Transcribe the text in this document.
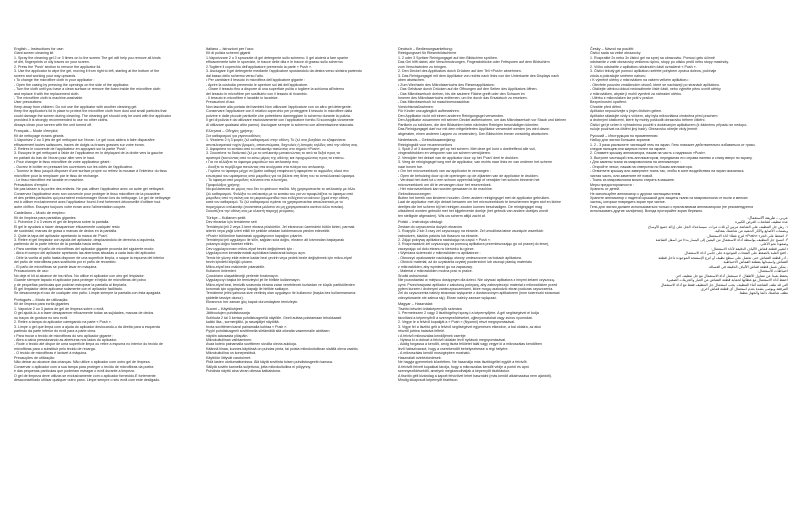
English – Instructions for use:
Giant screen cleaning kit
1. Spray the cleaning gel 2 or 3 times on to the screen.The gel will help you remove all kinds
of dirt, fingerprints or oily traces on your screen.
2. Press the 'Push' section to remove the applicator lid.
3. Use the applicator to wipe the gel, moving it from right to left, starting at the bottom of the
screen and working your way upwards.
• To change the microfibre cloth in your applicator :
- Open the casing by pressing the openings on the side of the applicator.
- Turn the cloth until you have a clean surface or remove the foam inside the microfibre cloth
and replace it with the replacement cloth.
- The microfibre cloth is machine-washable.
User precautions:
Keep away from children. Do not use the applicator with another cleaning gel.
Keep the applicator's lid in place to protect the microfibre cloth from dust and small particles that
could damage the screen during cleaning. The cleaning gel should only be used with the applicator
provided.It is strongly recommended to use no other cloths.
Always clean your screen with the unit turned off.
Français – Mode d'emploi:
Kit de nettoyage écrans géants
1.Vaporisez 2 ou 3 jets de gel nettoyant sur l'écran. Le gel vous aidera à faire disparaître
efficacement toutes salissures, traces de doigts ou traces grasses sur votre écran.
2. Retirez le couvercle de l'applicateur en appuyant sur la partie 'Push'.
3. Essuyez le gel nettoyant à l'aide de l'applicateur en le déplaçant de la droite vers la gauche
en partant du bas de l'écran pour aller vers le haut.
• Pour changer le tissu microfibre de votre applicateur géant :
- Ouvrez le boîtier en pressant les ouvertures sur les côtés de l'applicateur.
- Tournez le tissu jusqu'à disposer d'une surface propre ou retirez la mousse à l'intérieur du tissu
microfibre pour la remplacer par le tissu de rechange.
- Le tissu microfibre est lavable en machine.
Précautions d'emploi :
Ne pas laisser à la portée des enfants. Ne pas utiliser l'applicateur avec un autre gel nettoyant.
Conservez l'applicateur avec son couvercle pour protéger le tissu microfibre de la poussière
et des petites particules qui pourraient endommager l'écran lors du nettoyage. Le gel de nettoyage
est à utiliser exclusivement avec l'applicateur fourni.Il est fortement déconseillé d'utiliser tout
autre chiffon. Essuyez toujours votre écran avec l'alimentation coupée.
Castellano – Modo de empleo:
Kit de limpieza para pantallas gigantes
1. Pulverice 2 ó 3 veces el gel de limpieza sobre la pantalla.
El gel le ayudará a hacer desaparecer eficazmente cualquier resto
de suciedad, marcas de grasa o marcas de dedos en la pantalla.
2. Quite la tapa del aplicador apretando la marca de 'Push'.
3. Retire el gel limpiador con ayuda del aplicador, desplazándolo de derecha a izquierda,
partiendo de la parte inferior de la pantalla hacia arriba.
• Para cambiar el paño de microfibras del aplicador gigante proceda del siguiente modo:
- Abra el cuerpo del aplicador apretando las aberturas situadas a cada lado del aplicador.
- Déle la vuelta al paño hasta disponer de una superficie limpia, o saque la espuma del interior
del paño de microfibras para sustituirla por el paño de recambio.
- El paño de microfibras se puede lavar en máquina.
Precauciones de uso:
No deje el kit al alcance de los niños. No utilice el aplicador con otro gel limpiador.
Guarde siempre tapado el aplicador para proteger el tejido de microfibras del polvo
y de pequeñas partículas que podrían estropear la pantalla al limpiarla.
El gel limpiador debe aplicarse solamente con el aplicador facilitado.
Se desaconseja el uso de cualquier otro paño. Limpie siempre la pantalla con ésta apagada.
Português – Modo de utilização:
Kit de limpeza para ecrãs gigantes
1. Vaporize 2 ou 3 jactos de gel de limpeza sobre o ecrã.
O gel ajudá-lo-á a fazer desaparecer eficazmente todas as sujidades, marcas de dedos
ou traços de gordura no seu ecrã.
2. Retire a tampa do aplicador carregando na parte « Push ».
3. Limpe o gel que limpa com a ajuda do aplicador deslocando-o da direita para a esquerda
partindo da parte inferior do ecrã para a parte cima.
• Para trocar o tecido de microfibras do seu aplicador gigante :
- Abra a caixa pressionando as aberturas nos lados do aplicador.
- Rode o tecido até dispor de uma superfície limpa ou retire a espuma no interior do tecido de
microfibras para o substituir pelo tecido de recarga.
- O tecido de microfibras é lavável à máquina.
Precauções de utilização:
Não deixar ao alcance das crianças. Não utilize o aplicador com outro gel de limpeza.
Conservar o aplicador com a sua tampa para proteger o tecido de microfibras da poeira
e das pequenas partículas que poderiam estragar o ecrã durante a limpeza.
O gel de limpeza deve utilizar-se exclusivamente com o aplicador fornecido.É fortemente
desaconselhado utilizar qualquer outro pano. Limpe sempre o seu ecrã com este desligado.
Italiano – Istruzioni per l'uso:
Kit di pulizia schermi giganti
1.Vaporizzare 2 o 3 spruzzate di gel detergente sullo schermo. Il gel aiuterà a fare sparire
efficacemente tutte le sporcizie, le tracce delle dita e le tracce di grasso sullo schermo.
2.Togliere il coperchio dell'applicatore premendo la parte « Push ».
3. Asciugare il gel detergente mediante l'applicatore spostandolo da destra verso sinistra partendo
dal basso dello schermo verso l'alto.
• Per cambiare il tessuto in microfibra dell'applicatore gigante :
- Aprire la custodia premendo le aperture sui lati dell'applicatore.
- Girare il tessuto fino a disporre di una superficie pulita o togliere la schiuma all'interno
del tessuto in microfibre per sostituirlo con il tessuto di ricambio.
- Il tessuto in microfibre è lavabile in lavatrice.
Precauzioni d'uso:
Non lasciare alla portata dei bambini.Non utilizzare l'applicatore con un altro gel detergente.
Conservare l'applicatore con il relativo coperchio per proteggere il tessuto in microfibre dalla
polvere e dalle piccole particelle che potrebbero danneggiare lo schermo durante la pulizia.
Il gel di pulizia è da utilizzare esclusivamente con l'applicatore fornito.Si sconsiglia vivamente
di utilizzare qualsiasi altro panno). Asciugare sempre lo schermo con alimentazione staccata.
Ελληνικά – Οδηγίες χρήσης:
Σετ καθαρισμού για γιγαντοοθόνες
1. Ψεκάστε 2 ή 3 φορές ζελ καθαρισμού στην οθόνη. Το ζελ σας βοηθάει να εξαφανίσετε
αποτελεσματικά τυχόν βρομιές, αποτυπώματα, δαχτυλιές ή λιπαρές κηλίδες από την οθόνη σας.
2. Αφαιρέστε το καπάκι από το απλικατέρ πατώντας στο σημείο «Push».
3. Σκουπίστε το διαλυτικό ζελ με το απλικατέρ μετακινώντας το από τα δεξιά προς τα
αριστερά ξεκινώντας από το κάτω μέρος της οθόνης και προχωρώντας προς τα επάνω.
• Για να αλλάξετε το ύφασμα μικροϊνών του απλικατέρ σας:
- Ανοίξτε το περίβλημα πατώντας στα ανοίγματα στα πλάγια του απλικατέρ.
- Γυρίστε το ύφασμα μέχρι να βρείτε καθαρή επιφάνεια ή αφαιρέστε το αφρώδες υλικό στο
εσωτερικό του υφάσματος από μικροΐνες για να βάλετε στη θέση του το ανταλλακτικό ύφασμα.
- Το ύφασμα από μικροΐνες πλένεται στο πλυντήριο.
Προφυλάξεις χρήσης:
Να φυλάσσεται σε μέρος που δεν το φτάνουν παιδιά. Μη χρησιμοποιείτε το απλικατέρ με άλλο
ζελ καθαρισμού. Φυλάξτε το απλικατέρ με το καπάκι του για να προφυλάξετε το ύφασμα από
μικροΐνες από τη σκόνη και τα μικροσωματίδια που ενδέχεται να κάνουν ζημιά στην οθόνη
κατά τον καθαρισμό. Το ζελ καθαρισμού πρέπει να χρησιμοποιείται αποκλειστικά με το
παρεχόμενο απλικατέρ (συνιστάται μάλιστα να μη χρησιμοποιείτε κανένα άλλο πανάκι).
Σκουπίζετε την οθόνη σας με κλειστή παροχή ρεύματος.
Türkçe – Kullanım şekli:
Dev ekranlar için temizleme seti
Temizleyici jeli 2 veya 3 kere ekrana püskürtün. Jel ekranınızı üzerindeki bütün kirleri, parmak
izlerini veya yağlı izleri etkili bir şekilde ortadan kaldırmanıza yardım edecektir.
«Push» bölümüne bastırarak uygulayıcının kapağını çıkartın.
Temizleyici jeli uygulayıcı ile silin, sağdan sola doğru, ekranın alt kısmından başlayarak
yukarıya doğru hareket ettirin.
Dev uygulayıcınızın mikro-elyaf bezini değiştirmek için :
Uygulayıcının kenarlarındaki açıklıklara bastırarak kutuyu açın.
Temiz bir yüzey elde edene kadar bezi çevirin veya yedek bezle değiştirmek için mikro-elyaf
bezin içindeki köpüğü çıkarın.
Mikro-elyaf bez makinede yıkanabilir.
Kullanım önlemleri:
Çocukların ulaşabileceği yerlerde bırakmayın.
Uygulayıcıyı başka bir temizleyici jel ile birlikte kullanmayın.
Mikro-elyaf bezi, temizlik sırasında ekrana zarar verebilecek tozlardan ve küçük partiküllerden
korumak için uygulayıcıyı kapağı ile birlikte saklayın.
Temizleme jelini yalnızca size verilmiş olan uygulayıcı ile kullanınız (başka bez kullanmamanız
şiddetle tavsiye olunur).
Ekranınızı her zaman güç kapalı durumdayken temizleyin.
Suomi – Käyttöohjeet:
Jättiruutujen puhdistussarja
Suihkuta 2 tai 3 kertaa puhdistusgeeliä näytölle. Geeli auttaa poistamaan tehokkaasti
kaikki lika-, sormenjälki- ja rasvajäljet näytöltä.
Irrota sovittimen kansi painamalla kohtaa « Push ».
Pyyhi puhdistusgeeli sovittimella siirtämällä sitä oikealta vasemmalle aloittaen
näytön alaosasta ylöspäin.
Mikrokuituliinan vaihtaminen:
Avaa kotelo painamalla sovittimen sivuilla olevia aukkoja.
Käännä liinaa, kunnes käytössä on puhdas pinta, tai poista mikrokuituliinan sisällä oleva vaahto.
Mikrokuituliina on konepestävä.
Käyttöön liittyvät varotoimet:
Pidä lasten ulottumattomissa. Älä käytä sovitinta toisen puhdistusgeelin kanssa.
Säilytä sovitin kannella suljettuna, jotta mikrokuituliina ei pölyynny.
Puhdista näyttö aina virran ollessa katkaistuna.
Deutsch – Bedienungsanleitung:
Reinigungsset für Riesenbildschirme
1. 2 oder 3 Spritzer Reinigungsgel auf den Bildschirm sprühen.
Das Gel hilft dabei, alle Verschmutzungen, Fingerabdrücke oder Fettspuren auf dem Bildschirm
zum Verschwinden zu bringen.
2. Den Deckel des Applikators durch Drücken auf den Teil «Push» abnehmen.
3. Das Reinigungsgel mit dem Applikator von rechts nach links von der Unterkante des Displays nach
oben abwischen.
• Zum Wechseln des Mikrofasertuchs des Riesenapplikators:
- Das Gehäuse durch Drücken auf die Öffnungen auf den Seiten des Applikators öffnen.
- Das Mikrofasertuch drehen, bis die saubere Fläche greift oder den Schaum im
Inneren des Mikrofasertuchs entfernen, um ihn durch das Ersatztuch zu ersetzen.
- Das Mikrofasertuch ist maschinenwaschbar.
Vorsichtsmaßnahmen:
Für Kinder unzugänglich aufbewahren.
Den Applikator nicht mit einem anderen Reinigungsgel verwenden.
Den Applikator zusammen mit seinem Deckel aufbewahren, um das Mikrofasertuch vor Staub und kleinen
Partikeln zu schützen, die den Bildschirm beim nächsten Reinigen beschädigen könnten.
Das Reinigungsgel darf nur mit dem mitgelieferten Applikator verwendet werden (es wird davon
abgeraten, einen anderen Lappen zu verwenden). Den Bildschirm immer vorsichtig abwischen.
Nederlands – Gebruiksaanwijzing:
Reinigingskit voor reuzenmonitors
1. Spuit 2 of 3 doseringen gel op het scherm. Met deze gel kunt u doeltreffend alle vuil,
vingerafdrukken en vetsporen van uw scherm verwijderen.
2. Verwijder het deksel van de applicator door op het 'Push' deel te drukken.
3. Veeg de reinigingsgel weg met de applicator, van rechts naar links en van onderen het scherm
naar boven toe.
• Om het microvezeldoek van uw applicator te vervangen :
- Open de behuizing door op de openingen op de zijkanten van de applicator te drukken.
- Verdraai het doek tot u een schoon oppervlak krijgt of verwijder het schuim binnenin het
microvezeldoek om dit te vervangen door het reservedoek.
- Het microvezeldoek kan worden gewassen in de machine.
Gebruiksvoorzorgen:
Buiten het bereik van kinderen houden. Geen andere reinigingsgel met de applicator gebruiken.
Laat de applicator met zijn deksel bewaren om het microvezeldoek te beschermen tegen stof en kleine
deeltjes die het scherm bij het reinigen zouden kunnen beschadigen. De reinigingsgel mag
uitsluitend worden gebruikt met het bijgeleverde doekje (het gebruik van andere doekjes wordt
ten stelligste afgeraden). Wis uw scherm altijd zacht af.
Polski – Instrukcja obsługi:
Zestaw do czyszczenia dużych ekranów
1. Rozpylić 2 lub 3 razy żel czyszczący na ekranie. Żel umożliwia łatwe usunięcie wszelkich
zabrudzeń, śladów palców lub tłuszczu na ekranie.
2. Zdjąć pokrywę aplikatora naciskając na część « Push ».
3. Rozprowadzić żel czyszczący za pomocą aplikatora przemieszczając go od prawej do lewej,
zaczynając od dołu ekranu w kierunku ku górze.
• Wymiana ściereczki z mikrowłókien w aplikatorze :
- Otworzyć opakowanie naciskając otwory umieszczone na bokach aplikatora.
- Obrócić materiał, aż do uzyskania czystej powierzchni lub usunąć piankę materiału
z mikrowłókien, aby wymienić go na zapasowy.
- Materiał z mikrowłókien można prać w pralce.
Środki ostrożności:
Nie pozostawiać w miejscu dostępnym dla dzieci. Nie używać aplikatora z innymi żelami czyszczą-
cymi. Przechowywać aplikator z założoną pokrywą, aby zabezpieczyć materiał z mikrowłókien przed
pyłem kurzem i drobnymi zanieczyszczeniami, które mogą uszkodzić ekran podczas czyszczenia.
Żel do czyszczenia należy stosować wyłącznie z dostarczonym aplikatorem (inne ściereczki stosować
zdecydowanie nie zaleca się). Ekran należy zawsze wyłączać.
Magyar – Használat:
Tisztító készlet óriásképernyők számára
1. Permetezzen 2 vagy 3 tisztítógélnyi spray-t a képernyőjére. A gél segítségével el tudja
távolítani a képernyőről a szennyeződéseket, ujjlenyomatokat vagy zsíros nyomokat.
2. Vegye le a felvivő kupakját a « Push » (Nyomni) részt megnyomásával.
3. Vigye fel a tisztító gélt a felvivő segítségével egyenesen elkezdve, a bal oldalra, az alsó
részről jobbra haladva felfelé.
• A felvivő mikroszálas kendőjének cseréje:
- Nyissa ki a dobozt a felvivő oldalán lévő nyílások megnyomásával.
- Addig forgassa a kendőt, amíg tiszta felületet talál vagy vegye ki a mikroszálas kendőben
lévő habszivacsot, hogy a cserekendőt behelyezhesse a régi helyére.
- A mikroszálas kendő mosógépben mosható.
Használati óvintézkedések:
Ne hagyja gyermekek közelében. Ne használja más tisztítógéllel együtt a felvivőt.
A felvivőt felvett kupakkal tárolja, hogy a mikroszálas kendőt védje a portól és apró
szennyeződésektől, amelyek megkarcolhatják a képernyőt tisztításkor.
A tisztító gélt kizárólag a kapott felvivővel lehet használni (más kendő alkalmazása nem ajánlott).
Mindig kikapcsolt képernyőt tisztítson.
Česky – Návod na použití:
Čistící sada na velké obrazovky
1. Rozprašte 2x nebo 3x čistící gel na sprej na obrazovku. Pomocí gelu účinně
odstraníte z vaší obrazovky veškerou špínu, stopy po otisku prstů nebo stopy mastnoty.
2. Víčko odstraňte z aplikátoru stisknutím části označené « Push ».
3. Čisticí tekutý gel pomocí aplikátoru setřete pohybem zprava doleva, počínaje
zdola a pokračujte směrem nahoru.
• K výměně utěrky z mikrovláken na vašem velkém aplikátoru :
- Otevřete pouzdro zmáčknutím otvorů, které se nacházejí po stranách aplikátoru.
- Otáčejte utěrkou dokud nedosáhnete čisté části, nebo vyjměte pěnu uvnitř utěrky
z mikrovláken, abyste ji mohli vyměnit za náhradní utěrku.
- Utěrku z mikrovláken lze prát v pračce.
Bezpečnostní opatření:
Chraňte před dětmi.
Aplikátor nepoužívejte s jiným čisticím gelem.
Aplikátor skladujte vždy s víčkem, aby byla mikrovlákna chráněna před prachem
a drobnými částicemi, které by mohly poškodit obrazovku během čištění.
Čisticí gel je určen k výhradnímu použití s dodávaným aplikátorem (k žádnému případu se nedopo-
ručuje používat na čištění jiný hadr). Obrazovku otírejte vždy jemně.
Русский – Инструкция по применению:
Набор для чистки больших экранов
1. 2 - 3 раза распылите чистящий гель на экран. Гель поможет действительно избавиться от грязи,
следов пальцев или жирных пятен на экране.
2. Снимите крышку аппликатора, нажав на часть с надписью «Push».
3. Вытрите чистящий гель аппликатором, передвигая его справа налево и снизу вверх по экрану.
• Для замены ткани из микроволокна на аппликаторе :
- Откройте чехол, нажав на отверстия по бокам аппликатора.
- Отвинтите крышку или заверните ткань так, чтобы в зоне воздействия на экран оказалась
чистая часть, или замените её новой.
- Ткань из микроволокна можно стирать в машине.
Меры предосторожности :
Хранить от детей.
Не используйте аппликатор с другим чистящим гелем.
Храните аппликатор с надетой крышкой для защиты ткани из микроволокна от пыли и мелких
частиц, которые повредить экран при чистке.
Гель для чистки должен использоваться только с прилагаемым аппликатором (не рекомендуется
использовать другие салфетки). Всегда протирайте экран бережно.
عربي – طريقة الاستعمال:
عدة تنظيف لشاشات العرض الكبيرة
١. رش جل التنظيف على الشاشة مرتين أو ثلاث مرات. سيساعدك الجل على إزالة جميع الأوساخ
وبصمات الأصابع والآثار الدهنية من شاشتك بفعالية.
٢. اضغط على الجزء «Push» لنزع غطاء أداة الاستعمال.
٣. امسح جل التنظيف بواسطة أداة الاستعمال من اليمين إلى اليسار بدءاً من أسفل الشاشة
وصعوداً نحو الأعلى.
• لتغيير قطعة قماش الألياف الدقيقة لأداة الاستعمال:
- افتح العلبة بالضغط على الفتحات الموجودة على جانبي أداة الاستعمال.
- أدر قطعة القماش حتى تحصل على سطح نظيف أو انزع الإسفنجة الموجودة داخل قطعة
القماش واستبدلها بقطعة القماش الاحتياطية.
- يمكن غسل قطعة قماش الألياف الدقيقة في الغسالة.
احتياطات الاستعمال:
يحفظ بعيداً عن متناول الأطفال. لا تستعمل أداة الاستعمال مع جل تنظيف آخر.
احفظ أداة الاستعمال مع غطائها لحماية قطعة القماش من الغبار والجزيئات الصغيرة
التي قد تتلف الشاشة أثناء التنظيف. يجب استعمال جل التنظيف فقط مع أداة الاستعمال
المرفقة ويوصى بشدة بعدم استعمال أي قطعة قماش أخرى.
نظف شاشتك دائماً والجهاز مطفأ.
